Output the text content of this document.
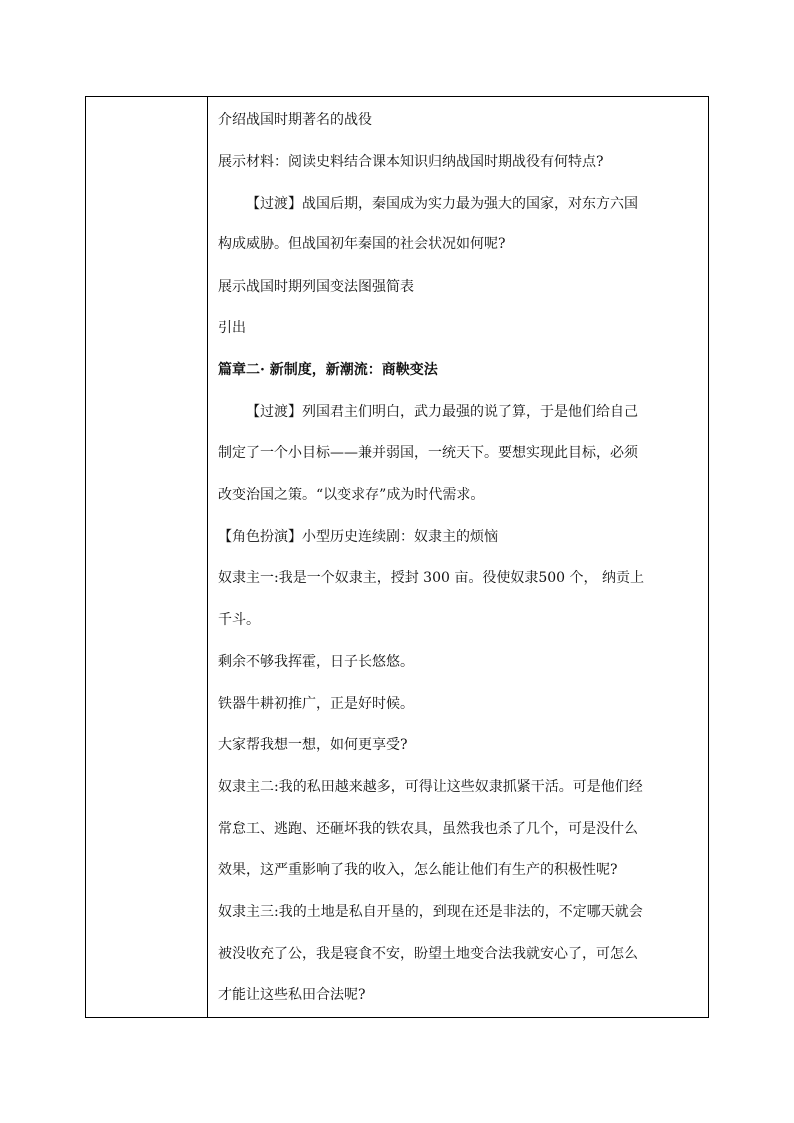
介绍战国时期著名的战役
展示材料：阅读史料结合课本知识归纳战国时期战役有何特点?
【过渡】战国后期，秦国成为实力最为强大的国家，对东方六国
构成威胁。但战国初年秦国的社会状况如何呢?
展示战国时期列国变法图强简表
引出
篇章二· 新制度，新潮流：商鞅变法
【过渡】列国君主们明白，武力最强的说了算，于是他们给自己
制定了一个小目标——兼并弱国，一统天下。要想实现此目标，必须
改变治国之策。“以变求存”成为时代需求。
【角色扮演】小型历史连续剧：奴隶主的烦恼
奴隶主一:我是一个奴隶主，授封 300 亩。役使奴隶500 个， 纳贡上
千斗。
剩余不够我挥霍，日子长悠悠。
铁器牛耕初推广，正是好时候。
大家帮我想一想，如何更享受?
奴隶主二:我的私田越来越多，可得让这些奴隶抓紧干活。可是他们经
常怠工、逃跑、还砸坏我的铁农具，虽然我也杀了几个，可是没什么
效果，这严重影响了我的收入，怎么能让他们有生产的积极性呢?
奴隶主三:我的土地是私自开垦的，到现在还是非法的，不定哪天就会
被没收充了公，我是寝食不安，盼望土地变合法我就安心了，可怎么
才能让这些私田合法呢?
